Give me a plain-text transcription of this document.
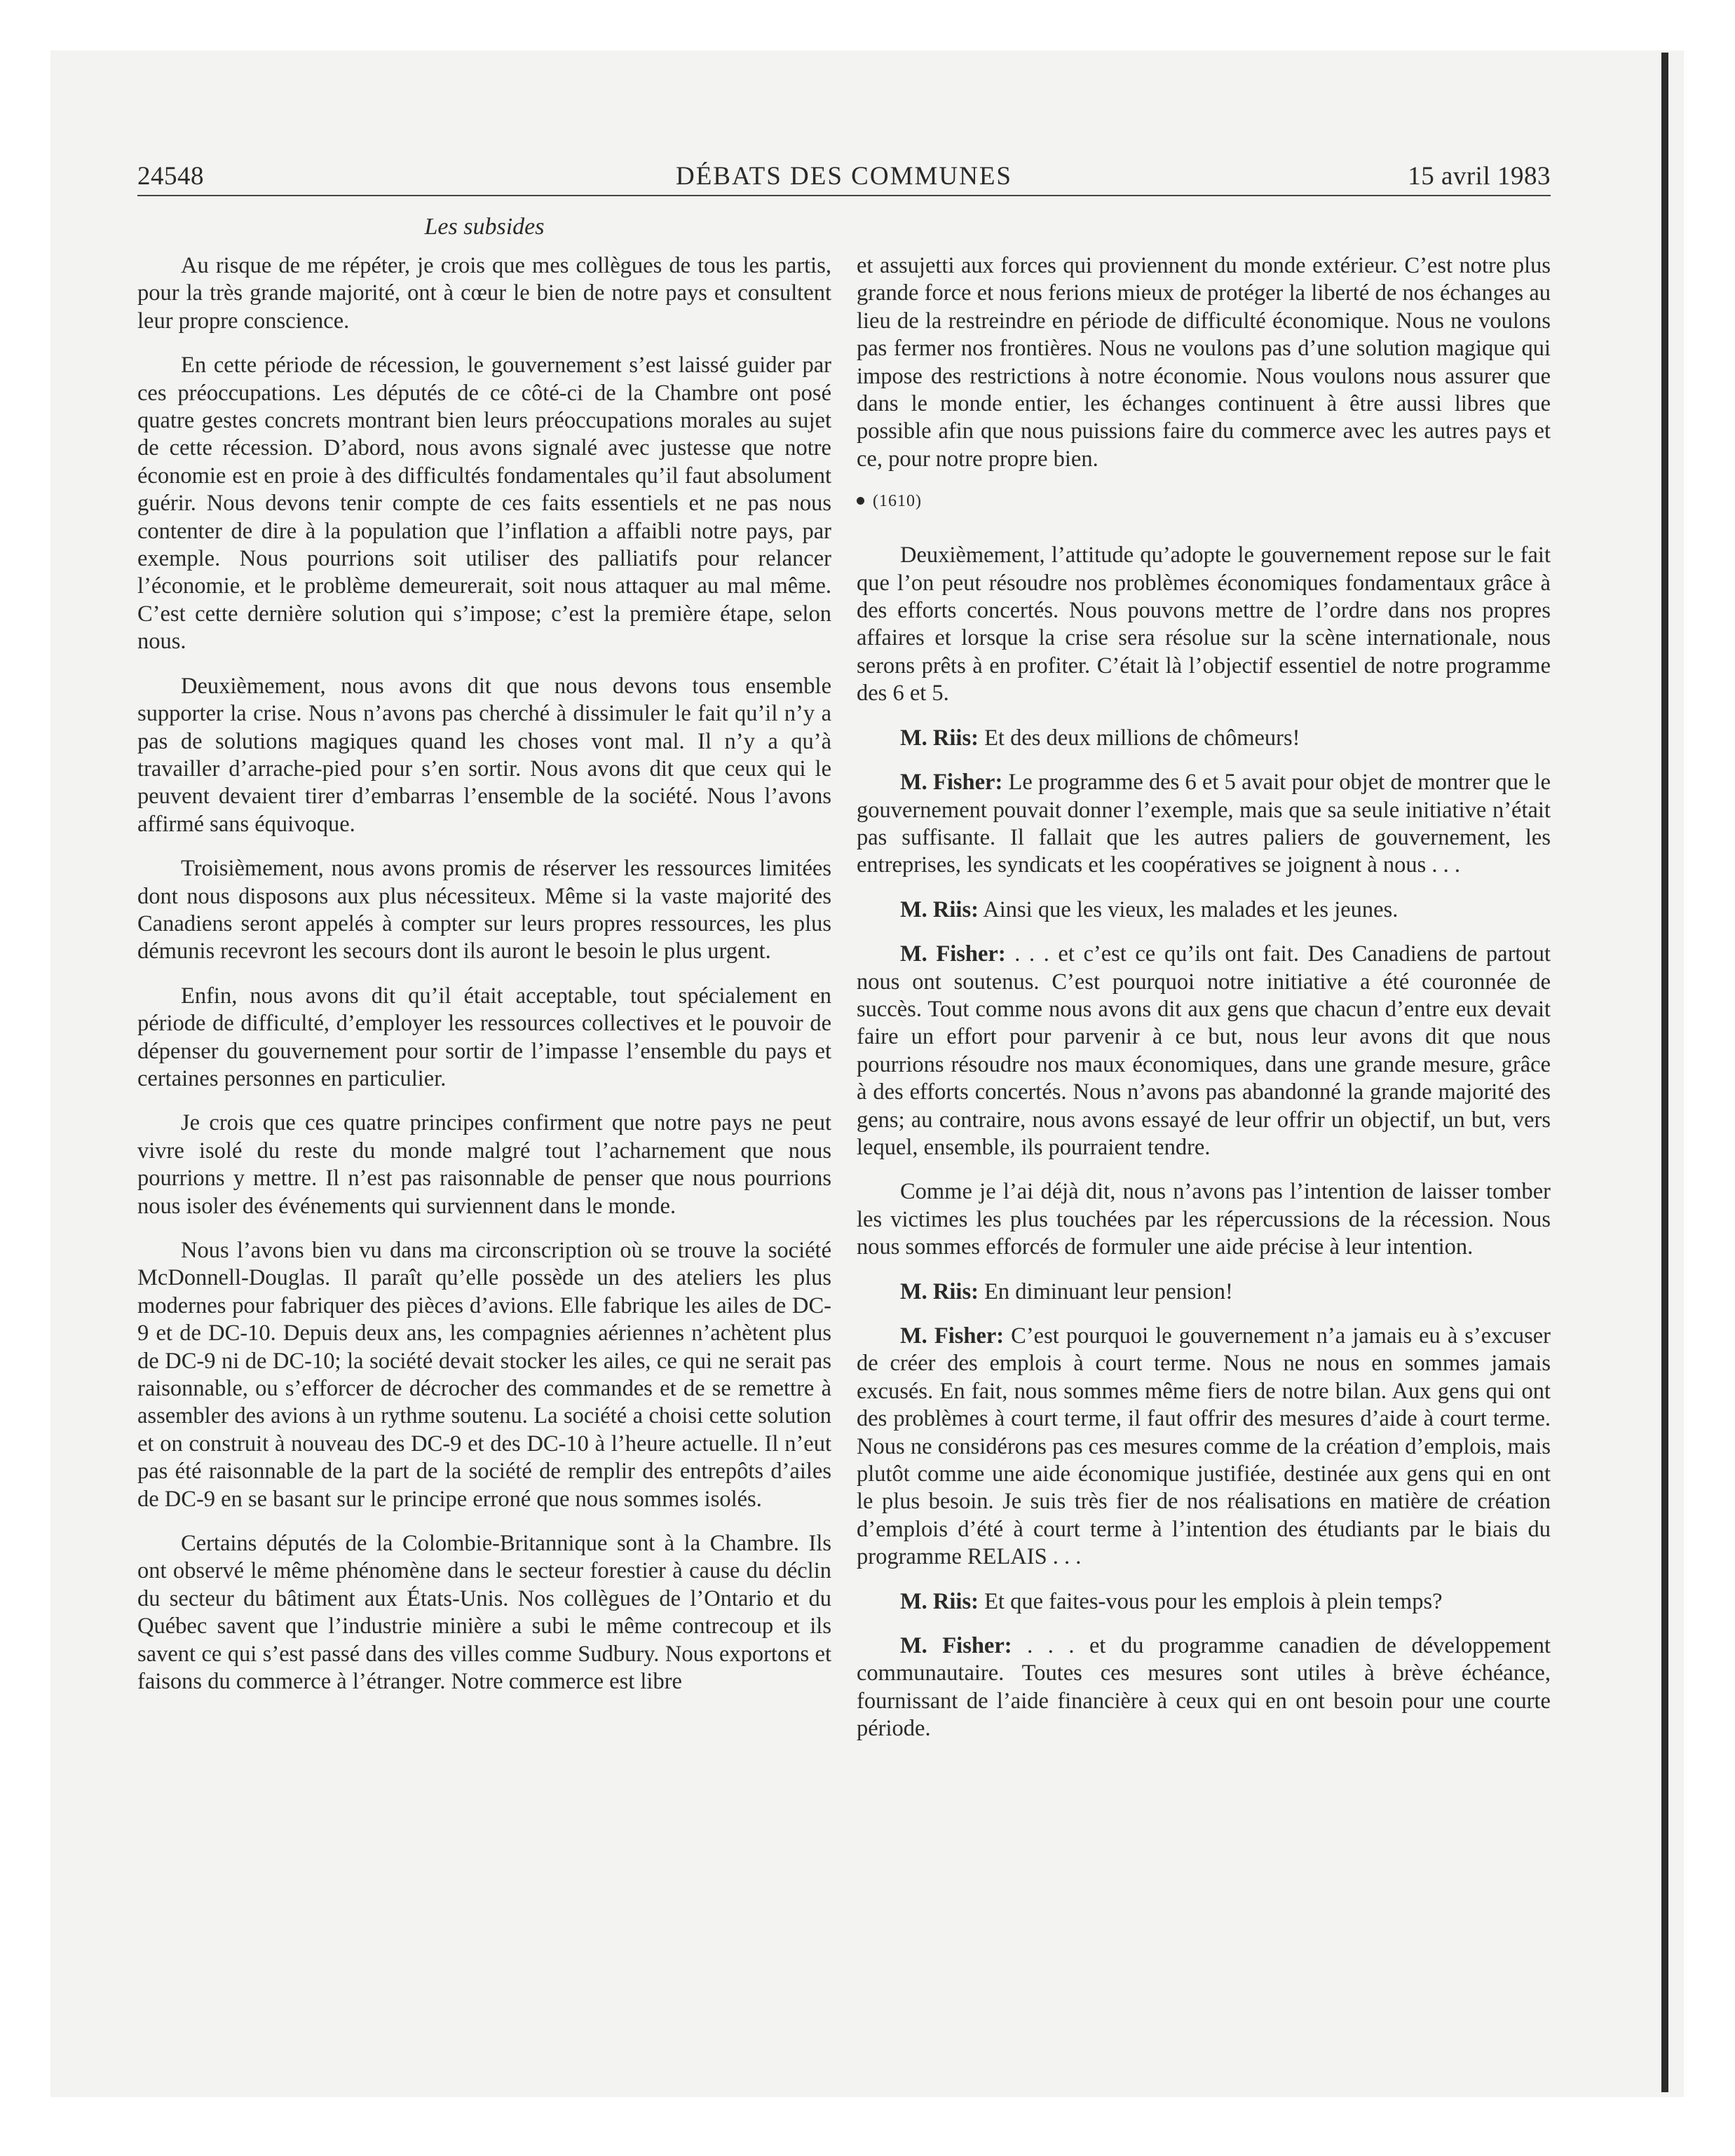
24548	DÉBATS DES COMMUNES	15 avril 1983
Les subsides

Au risque de me répéter, je crois que mes collègues de tous les partis, pour la très grande majorité, ont à cœur le bien de notre pays et consultent leur propre conscience.

En cette période de récession, le gouvernement s’est laissé guider par ces préoccupations. Les députés de ce côté-ci de la Chambre ont posé quatre gestes concrets montrant bien leurs préoccupations morales au sujet de cette récession. D’abord, nous avons signalé avec justesse que notre économie est en proie à des difficultés fondamentales qu’il faut absolument guérir. Nous devons tenir compte de ces faits essentiels et ne pas nous contenter de dire à la population que l’inflation a affaibli notre pays, par exemple. Nous pourrions soit utiliser des palliatifs pour relancer l’économie, et le problème demeurerait, soit nous attaquer au mal même. C’est cette dernière solution qui s’impose; c’est la première étape, selon nous.

Deuxièmement, nous avons dit que nous devons tous ensemble supporter la crise. Nous n’avons pas cherché à dissimuler le fait qu’il n’y a pas de solutions magiques quand les choses vont mal. Il n’y a qu’à travailler d’arrache-pied pour s’en sortir. Nous avons dit que ceux qui le peuvent devaient tirer d’embarras l’ensemble de la société. Nous l’avons affirmé sans équivoque.

Troisièmement, nous avons promis de réserver les ressources limitées dont nous disposons aux plus nécessiteux. Même si la vaste majorité des Canadiens seront appelés à compter sur leurs propres ressources, les plus démunis recevront les secours dont ils auront le besoin le plus urgent.

Enfin, nous avons dit qu’il était acceptable, tout spécialement en période de difficulté, d’employer les ressources collectives et le pouvoir de dépenser du gouvernement pour sortir de l’impasse l’ensemble du pays et certaines personnes en particulier.

Je crois que ces quatre principes confirment que notre pays ne peut vivre isolé du reste du monde malgré tout l’acharnement que nous pourrions y mettre. Il n’est pas raisonnable de penser que nous pourrions nous isoler des événements qui surviennent dans le monde.

Nous l’avons bien vu dans ma circonscription où se trouve la société McDonnell-Douglas. Il paraît qu’elle possède un des ateliers les plus modernes pour fabriquer des pièces d’avions. Elle fabrique les ailes de DC-9 et de DC-10. Depuis deux ans, les compagnies aériennes n’achètent plus de DC-9 ni de DC-10; la société devait stocker les ailes, ce qui ne serait pas raisonnable, ou s’efforcer de décrocher des commandes et de se remettre à assembler des avions à un rythme soutenu. La société a choisi cette solution et on construit à nouveau des DC-9 et des DC-10 à l’heure actuelle. Il n’eut pas été raisonnable de la part de la société de remplir des entrepôts d’ailes de DC-9 en se basant sur le principe erroné que nous sommes isolés.

Certains députés de la Colombie-Britannique sont à la Chambre. Ils ont observé le même phénomène dans le secteur forestier à cause du déclin du secteur du bâtiment aux États-Unis. Nos collègues de l’Ontario et du Québec savent que l’industrie minière a subi le même contrecoup et ils savent ce qui s’est passé dans des villes comme Sudbury. Nous exportons et faisons du commerce à l’étranger. Notre commerce est libre

et assujetti aux forces qui proviennent du monde extérieur. C’est notre plus grande force et nous ferions mieux de protéger la liberté de nos échanges au lieu de la restreindre en période de difficulté économique. Nous ne voulons pas fermer nos frontières. Nous ne voulons pas d’une solution magique qui impose des restrictions à notre économie. Nous voulons nous assurer que dans le monde entier, les échanges continuent à être aussi libres que possible afin que nous puissions faire du commerce avec les autres pays et ce, pour notre propre bien.

(1610)

Deuxièmement, l’attitude qu’adopte le gouvernement repose sur le fait que l’on peut résoudre nos problèmes économiques fondamentaux grâce à des efforts concertés. Nous pouvons mettre de l’ordre dans nos propres affaires et lorsque la crise sera résolue sur la scène internationale, nous serons prêts à en profiter. C’était là l’objectif essentiel de notre programme des 6 et 5.

M. Riis: Et des deux millions de chômeurs!

M. Fisher: Le programme des 6 et 5 avait pour objet de montrer que le gouvernement pouvait donner l’exemple, mais que sa seule initiative n’était pas suffisante. Il fallait que les autres paliers de gouvernement, les entreprises, les syndicats et les coopératives se joignent à nous . . .

M. Riis: Ainsi que les vieux, les malades et les jeunes.

M. Fisher: . . . et c’est ce qu’ils ont fait. Des Canadiens de partout nous ont soutenus. C’est pourquoi notre initiative a été couronnée de succès. Tout comme nous avons dit aux gens que chacun d’entre eux devait faire un effort pour parvenir à ce but, nous leur avons dit que nous pourrions résoudre nos maux économiques, dans une grande mesure, grâce à des efforts concertés. Nous n’avons pas abandonné la grande majorité des gens; au contraire, nous avons essayé de leur offrir un objectif, un but, vers lequel, ensemble, ils pourraient tendre.

Comme je l’ai déjà dit, nous n’avons pas l’intention de laisser tomber les victimes les plus touchées par les répercussions de la récession. Nous nous sommes efforcés de formuler une aide précise à leur intention.

M. Riis: En diminuant leur pension!

M. Fisher: C’est pourquoi le gouvernement n’a jamais eu à s’excuser de créer des emplois à court terme. Nous ne nous en sommes jamais excusés. En fait, nous sommes même fiers de notre bilan. Aux gens qui ont des problèmes à court terme, il faut offrir des mesures d’aide à court terme. Nous ne considérons pas ces mesures comme de la création d’emplois, mais plutôt comme une aide économique justifiée, destinée aux gens qui en ont le plus besoin. Je suis très fier de nos réalisations en matière de création d’emplois d’été à court terme à l’intention des étudiants par le biais du programme RELAIS . . .

M. Riis: Et que faites-vous pour les emplois à plein temps?

M. Fisher: . . . et du programme canadien de développement communautaire. Toutes ces mesures sont utiles à brève échéance, fournissant de l’aide financière à ceux qui en ont besoin pour une courte période.
